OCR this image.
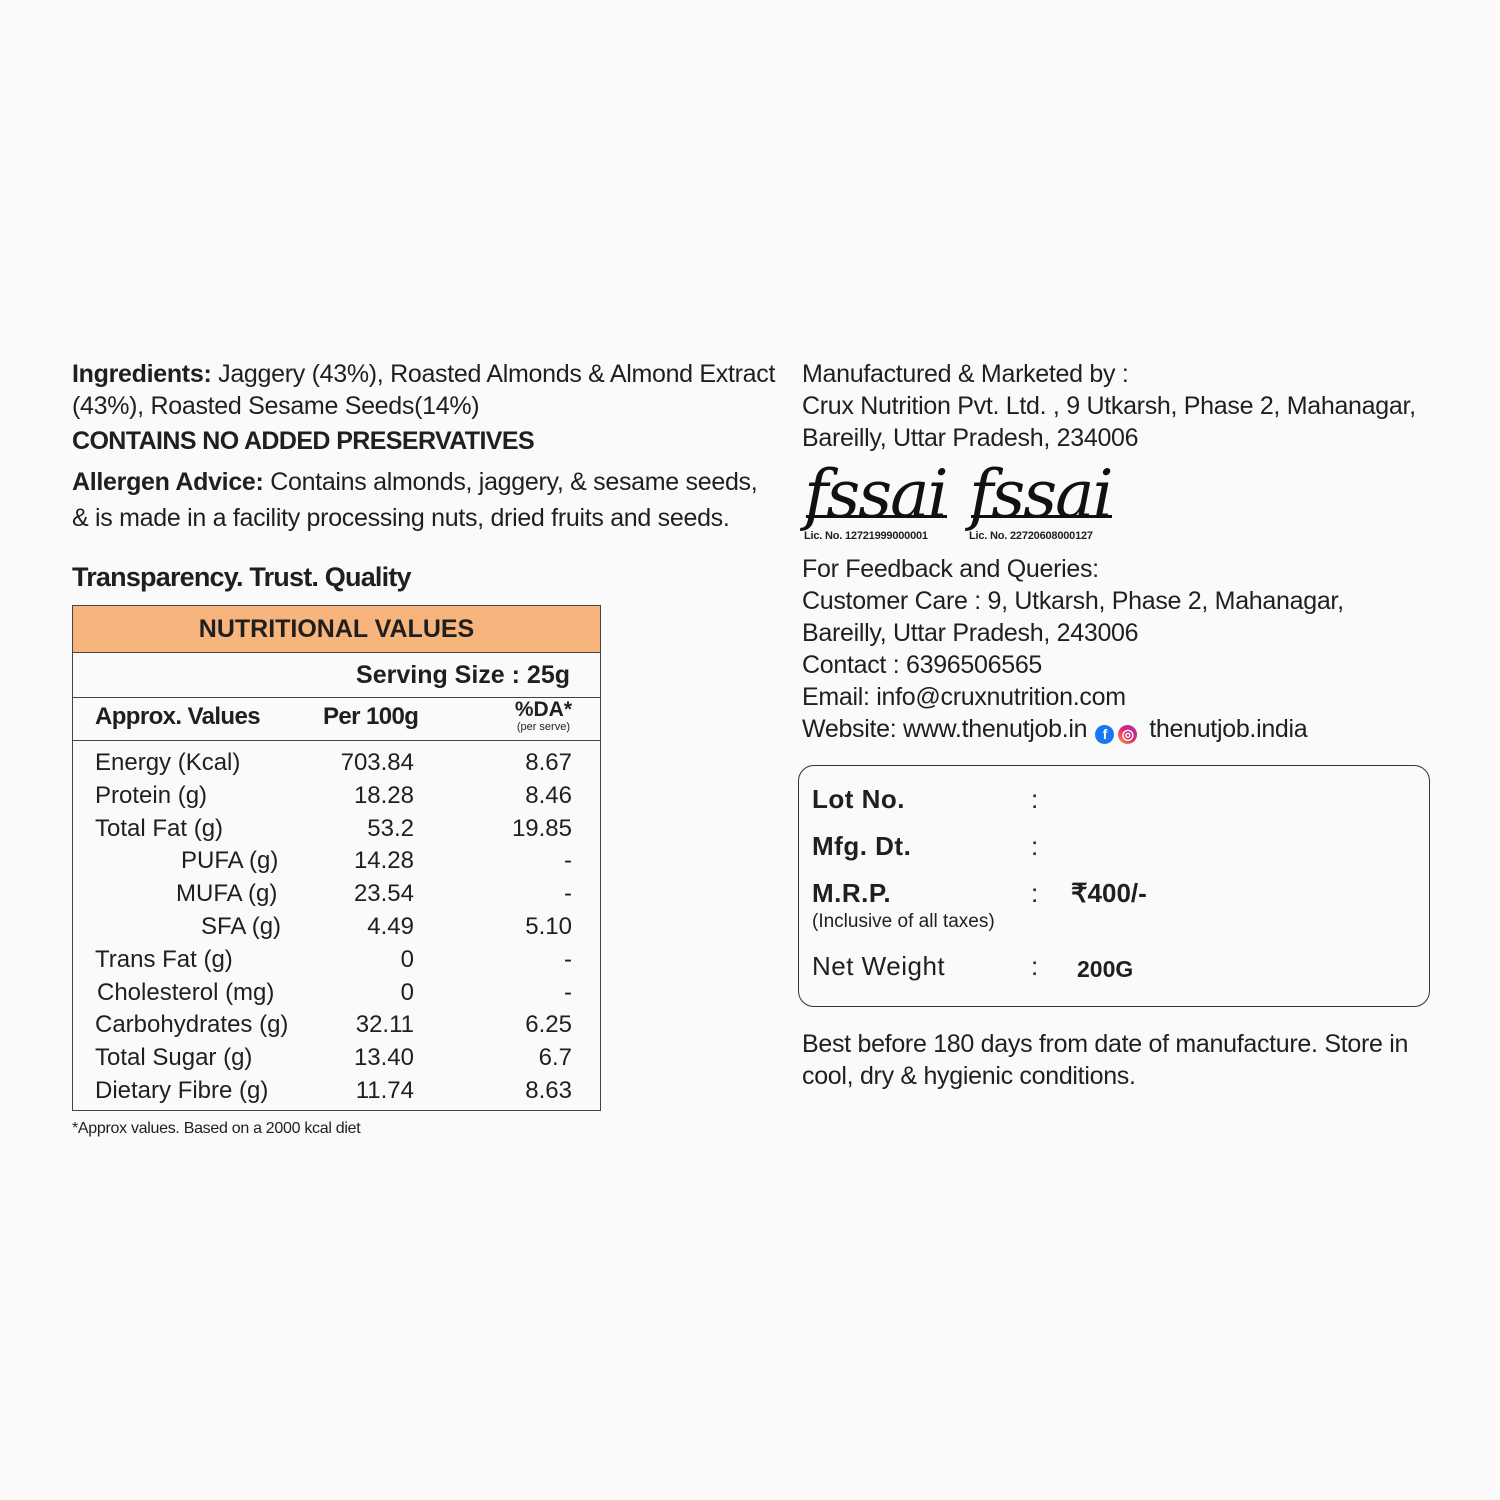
Ingredients: Jaggery (43%), Roasted Almonds & Almond Extract (43%), Roasted Sesame Seeds(14%)
CONTAINS NO ADDED PRESERVATIVES
Allergen Advice: Contains almonds, jaggery, & sesame seeds, & is made in a facility processing nuts, dried fruits and seeds.
Transparency. Trust. Quality
NUTRITIONAL VALUES
Serving Size : 25g
Approx. Values	Per 100g	%DA*
(per serve)
Energy (Kcal)	703.84	8.67
Protein (g)	18.28	8.46
Total Fat (g)	53.2	19.85
PUFA (g)	14.28	-
MUFA (g)	23.54	-
SFA (g)	4.49	5.10
Trans Fat (g)	0	-
Cholesterol (mg)	0	-
Carbohydrates (g)	32.11	6.25
Total Sugar (g)	13.40	6.7
Dietary Fibre (g)	11.74	8.63
*Approx values. Based on a 2000 kcal diet
Manufactured & Marketed by :
Crux Nutrition Pvt. Ltd. , 9 Utkarsh, Phase 2, Mahanagar,
Bareilly, Uttar Pradesh, 234006
fssai
Lic. No. 12721999000001
fssai
Lic. No. 22720608000127
For Feedback and Queries:
Customer Care : 9, Utkarsh, Phase 2, Mahanagar,
Bareilly, Uttar Pradesh, 243006
Contact : 6396506565
Email: info@cruxnutrition.com
Website: www.thenutjob.in f ◎ thenutjob.india
Lot No.	:
Mfg. Dt.	:
M.R.P.	: ₹400/-
(Inclusive of all taxes)
Net Weight	: 200G
Best before 180 days from date of manufacture. Store in cool, dry & hygienic conditions.
